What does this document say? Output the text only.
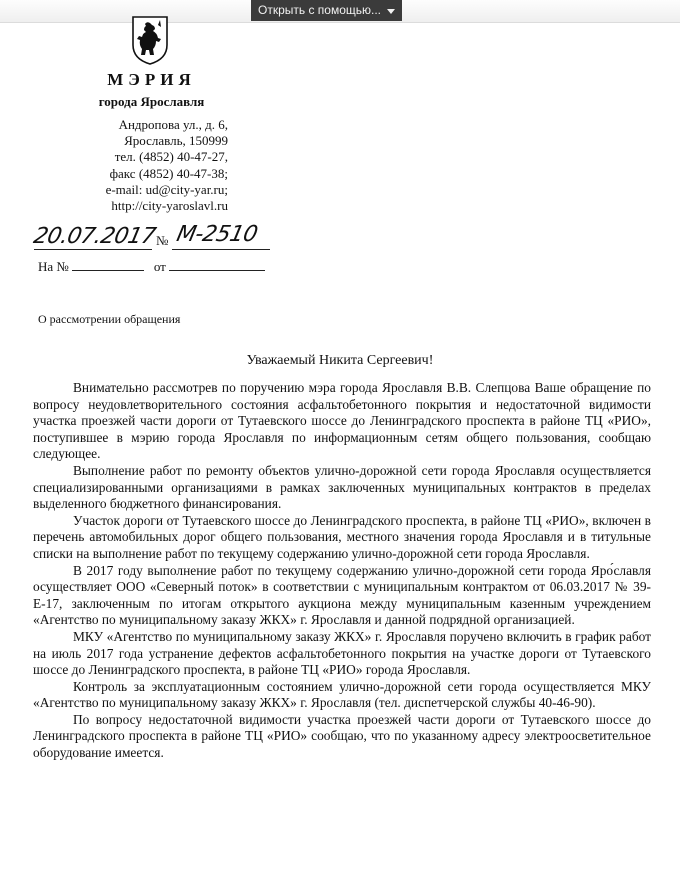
Открыть с помощью...
МЭРИЯ
города Ярославля
Андропова ул., д. 6,
Ярославль, 150999
тел. (4852) 40-47-27,
факс (4852) 40-47-38;
e-mail: ud@city-yar.ru;
http://city-yaroslavl.ru
20.07.2017
№ М-2510
На №	от
О рассмотрении обращения
Уважаемый Никита Сергеевич!

Внимательно рассмотрев по поручению мэра города Ярославля В.В. Слепцова Ваше обращение по вопросу неудовлетворительного состояния асфальтобетонного покрытия и недостаточной видимости участка проезжей части дороги от Тутаевского шоссе до Ленинградского проспекта в районе ТЦ «РИО», поступившее в мэрию города Ярославля по информационным сетям общего пользования, сообщаю следующее.

Выполнение работ по ремонту объектов улично-дорожной сети города Ярославля осуществляется специализированными организациями в рамках заключенных муниципальных контрактов в пределах выделенного бюджетного финансирования.

Участок дороги от Тутаевского шоссе до Ленинградского проспекта, в районе ТЦ «РИО», включен в перечень автомобильных дорог общего пользования, местного значения города Ярославля и в титульные списки на выполнение работ по текущему содержанию улично-дорожной сети города Ярославля.

В 2017 году выполнение работ по текущему содержанию улично-дорожной сети города Яро́славля осуществляет ООО «Северный поток» в соответствии с муниципальным контрактом от 06.03.2017 № 39-Е-17, заключенным по итогам открытого аукциона между муниципальным казенным учреждением «Агентство по муниципальному заказу ЖКХ» г. Ярославля и данной подрядной организацией.

МКУ «Агентство по муниципальному заказу ЖКХ» г. Ярославля поручено включить в график работ на июль 2017 года устранение дефектов асфальтобетонного покрытия на участке дороги от Тутаевского шоссе до Ленинградского проспекта, в районе ТЦ «РИО» города Ярославля.

Контроль за эксплуатационным состоянием улично-дорожной сети города осуществляется МКУ «Агентство по муниципальному заказу ЖКХ» г. Ярославля (тел. диспетчерской службы 40-46-90).

По вопросу недостаточной видимости участка проезжей части дороги от Тутаевского шоссе до Ленинградского проспекта в районе ТЦ «РИО» сообщаю, что по указанному адресу электроосветительное оборудование имеется.
